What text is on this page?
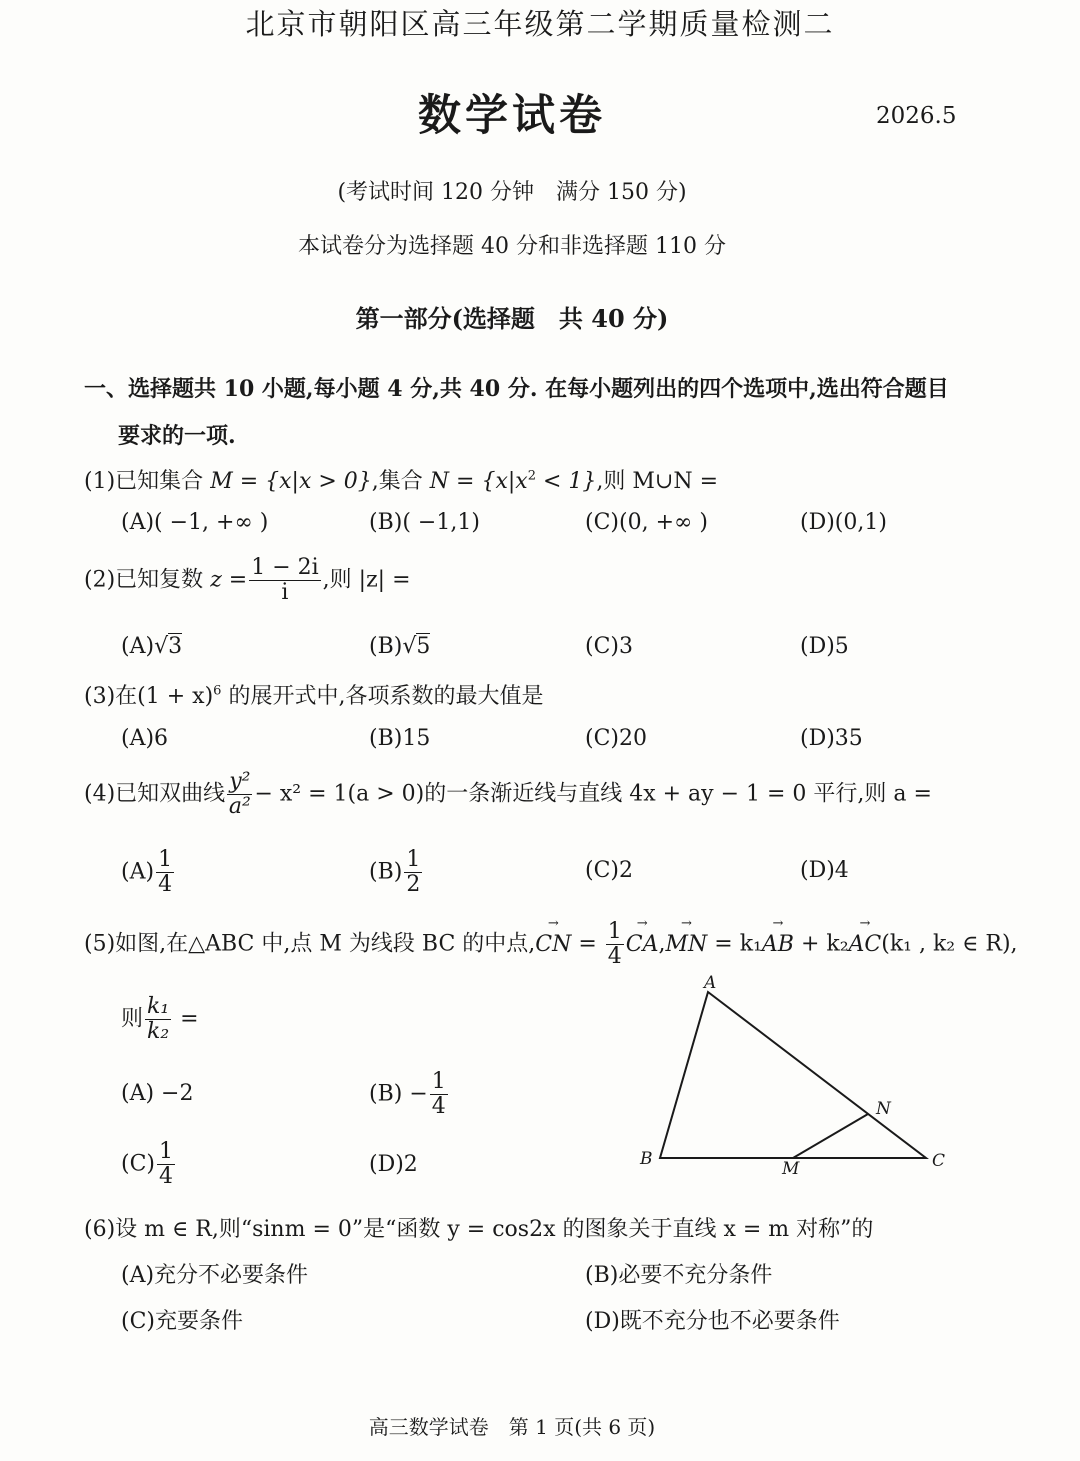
北京市朝阳区高三年级第二学期质量检测二
数学试卷	2026.5
(考试时间 120 分钟　满分 150 分)
本试卷分为选择题 40 分和非选择题 110 分
第一部分(选择题　共 40 分)
一、选择题共 10 小题,每小题 4 分,共 40 分. 在每小题列出的四个选项中,选出符合题目
要求的一项.
(1)已知集合 M = {x|x > 0},集合 $N = \{x|x^2 < 1\}$,则 M∪N =
(A)( −1, +∞ )	(B)( −1,1)	(C)(0, +∞ )	(D)(0,1)
(2)已知复数 $z = \frac{1 - 2i}{i}$ ,则 |z| =
(A)√3	(B)√5	(C)3	(D)5
(3)在$(1 + x)^6$ 的展开式中,各项系数的最大值是
(A)6	(B)15	(C)20	(D)35
(4)已知双曲线 $\frac{\text{y²}}{\text{a²}} - x^2 = 1(a > 0)$的一条渐近线与直线 4x + ay − 1 = 0 平行,则 a =
$(A) \frac{1}{4}$	$(B) \frac{1}{2}$	(C)2	(D)4
(5)如图,在△ABC 中,点 M 为线段 BC 的中点,→ CN = $\frac{1}{4}$
→ CA,→ MN = k₁→ AB + k₂→ AC(k₁ , k₂ ∈ R),
则 $\frac{\text{k₁}}{\text{k₂}}$ =
(A) −2	$(B) - \frac{1}{4}$
$(C) \frac{1}{4}$	(D)2
A
B	C
M
N
(6)设 m ∈ R,则“sinm = 0”是“函数 y = cos2x 的图象关于直线 x = m 对称”的
(A)充分不必要条件	(B)必要不充分条件
(C)充要条件	(D)既不充分也不必要条件
高三数学试卷　第 1 页(共 6 页)
